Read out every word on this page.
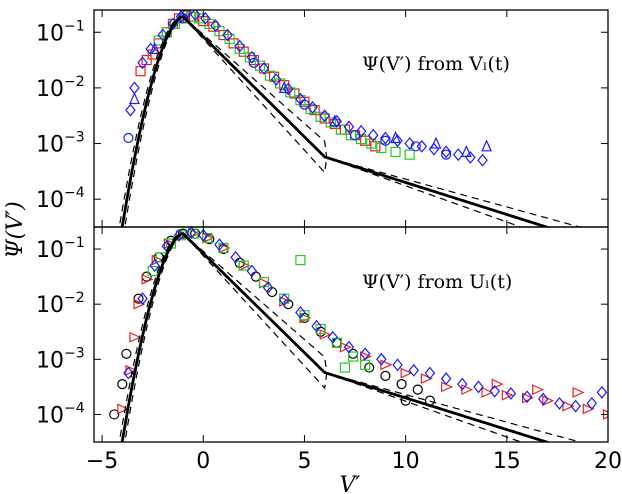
$10^{-4}$
$10^{-3}$
$10^{-2}$
$10^{-1}$
Ψ(V′) from Vₗ(t)
$10^{-4}$
$10^{-3}$
$10^{-2}$
$10^{-1}$
Ψ(V′) from Uₗ(t)
−5	0	5	10	15	20
V′
Ψ(V′)
